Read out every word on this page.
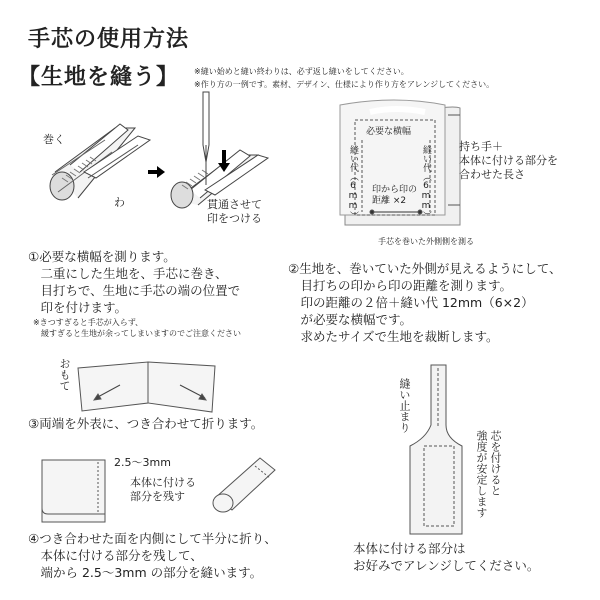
手芯の使用方法
【生地を縫う】 ※縫い始めと縫い終わりは、必ず返し縫いをしてください。
※作り方の一例です。素材、デザイン、仕様により作り方をアレンジしてください。
巻く
わ	貫通させて
印をつける
必要な横幅
縫い代（6mm）	縫い代（6mm）
印から印の
距離 ×2
手芯を巻いた外側側を測る
持ち手＋
本体に付ける部分を
合わせた長さ
①必要な横幅を測ります。
　二重にした生地を、手芯に巻き、
　目打ちで、生地に手芯の端の位置で
　印を付けます。
※きつすぎると手芯が入らず、
　緩すぎると生地が余ってしまいますのでご注意ください
②生地を、巻いていた外側が見えるようにして、
　目打ちの印から印の距離を測ります。
　印の距離の２倍＋縫い代 12mm（6×2）
　が必要な横幅です。
　求めたサイズで生地を裁断します。
おもて
③両端を外表に、つき合わせて折ります。
2.5～3mm
本体に付ける
部分を残す
④つき合わせた面を内側にして半分に折り、
　本体に付ける部分を残して、
　端から 2.5～3mm の部分を縫います。
縫い止まり
芯を付けると
強度が安定します
本体に付ける部分は
お好みでアレンジしてください。
